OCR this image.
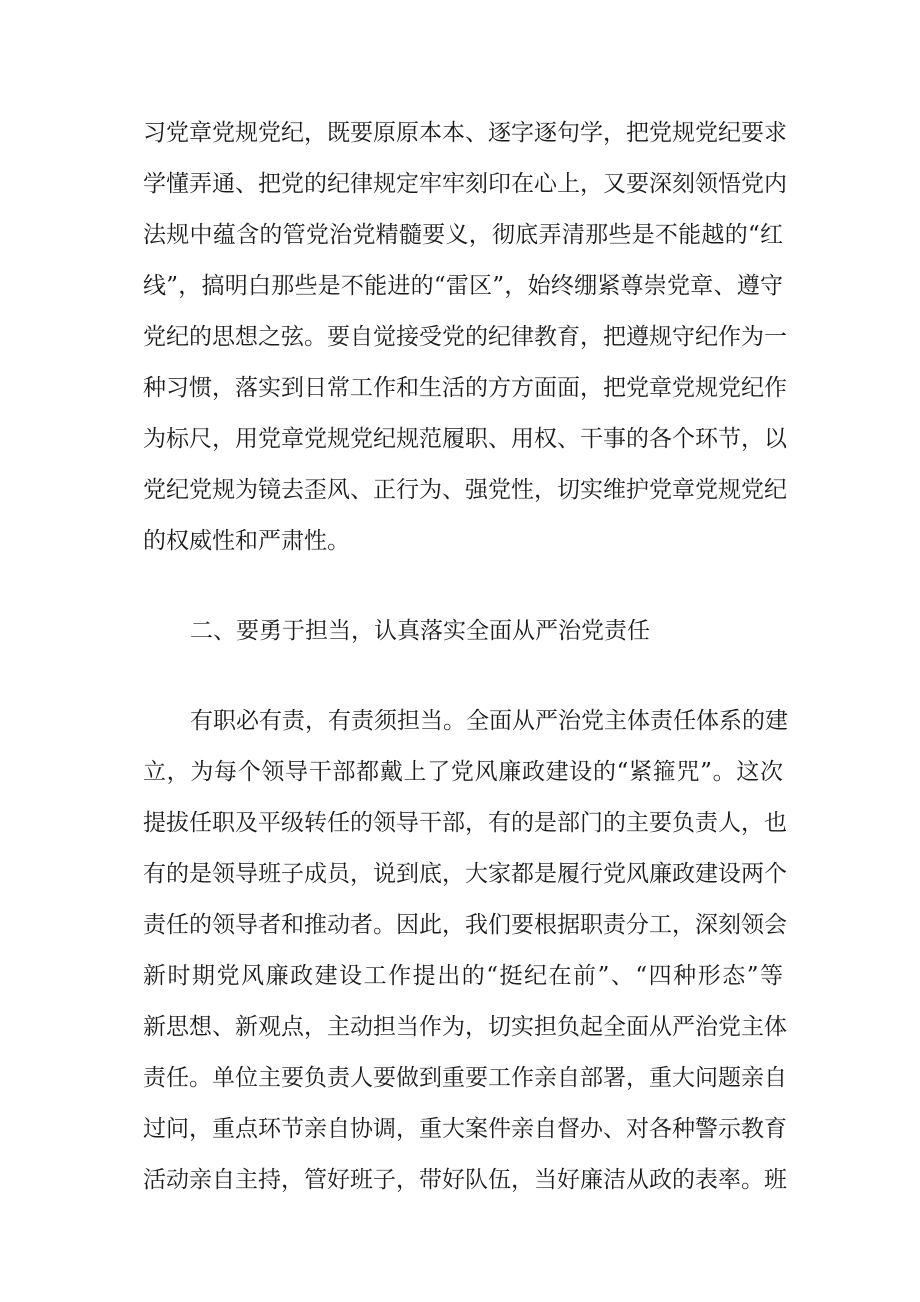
习党章党规党纪，既要原原本本、逐字逐句学，把党规党纪要求
学懂弄通、把党的纪律规定牢牢刻印在心上，又要深刻领悟党内
法规中蕴含的管党治党精髓要义，彻底弄清那些是不能越的“红
线”，搞明白那些是不能进的“雷区”，始终绷紧尊崇党章、遵守
党纪的思想之弦。要自觉接受党的纪律教育，把遵规守纪作为一
种习惯，落实到日常工作和生活的方方面面，把党章党规党纪作
为标尺，用党章党规党纪规范履职、用权、干事的各个环节，以
党纪党规为镜去歪风、正行为、强党性，切实维护党章党规党纪
的权威性和严肃性。
二、要勇于担当，认真落实全面从严治党责任
有职必有责，有责须担当。全面从严治党主体责任体系的建
立，为每个领导干部都戴上了党风廉政建设的“紧箍咒”。这次
提拔任职及平级转任的领导干部，有的是部门的主要负责人，也
有的是领导班子成员，说到底，大家都是履行党风廉政建设两个
责任的领导者和推动者。因此，我们要根据职责分工，深刻领会
新时期党风廉政建设工作提出的“挺纪在前”、“四种形态”等
新思想、新观点，主动担当作为，切实担负起全面从严治党主体
责任。单位主要负责人要做到重要工作亲自部署，重大问题亲自
过问，重点环节亲自协调，重大案件亲自督办、对各种警示教育
活动亲自主持，管好班子，带好队伍，当好廉洁从政的表率。班
